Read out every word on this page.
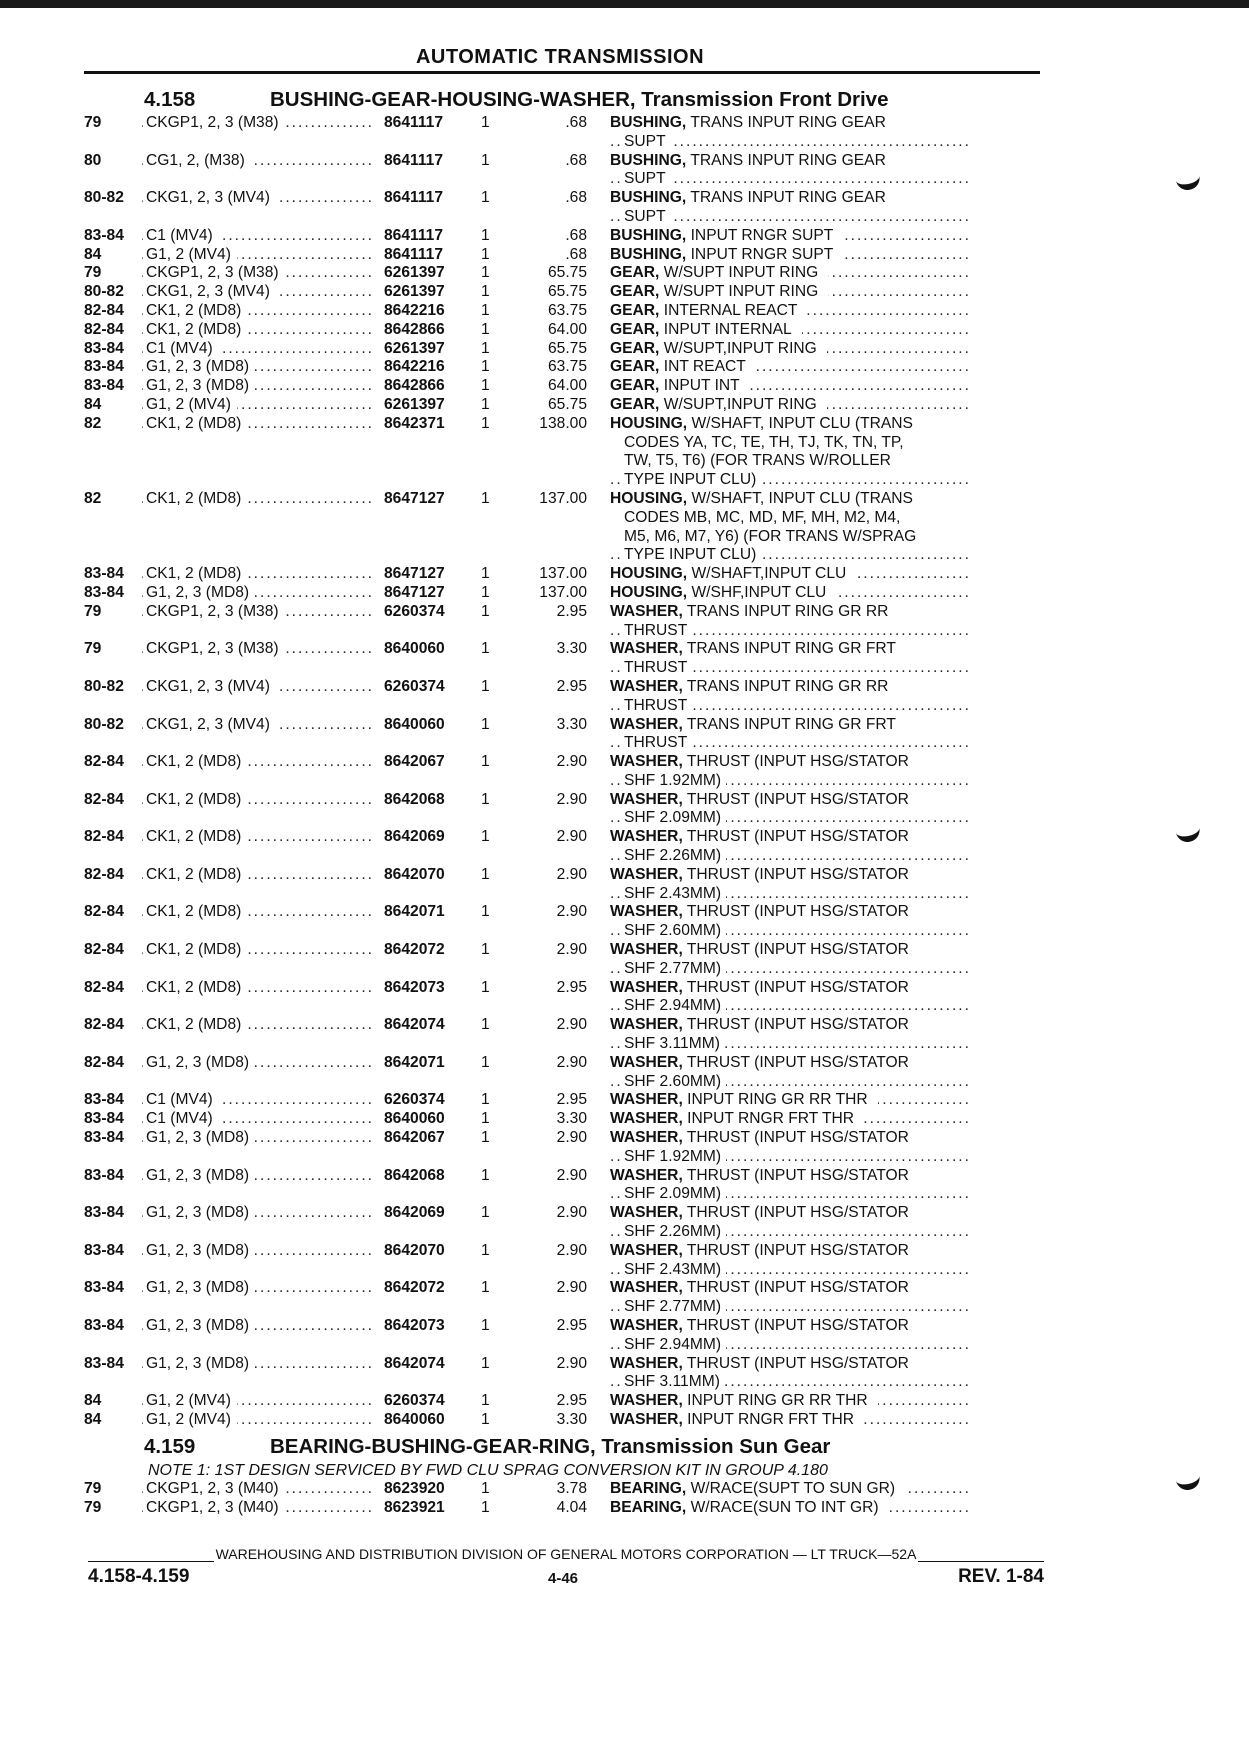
AUTOMATIC TRANSMISSION
4.158	BUSHING-GEAR-HOUSING-WASHER, Transmission Front Drive
79	CKGP1, 2, 3 (M38) .....	8641117	1	.68 BUSHING, TRANS INPUT RING GEAR
SUPT .....
80	CG1, 2, (M38) .....	8641117	1	.68 BUSHING, TRANS INPUT RING GEAR
SUPT .....
80-82	CKG1, 2, 3 (MV4) .....	8641117	1	.68 BUSHING, TRANS INPUT RING GEAR
SUPT .....
83-84	C1 (MV4) .....	8641117	1	.68 BUSHING, INPUT RNGR SUPT .....
84	G1, 2 (MV4) .....	8641117	1	.68 BUSHING, INPUT RNGR SUPT .....
79	CKGP1, 2, 3 (M38) .....	6261397	1	65.75 GEAR, W/SUPT INPUT RING .....
80-82	CKG1, 2, 3 (MV4) .....	6261397	1	65.75 GEAR, W/SUPT INPUT RING .....
82-84	CK1, 2 (MD8) .....	8642216	1	63.75 GEAR, INTERNAL REACT .....
82-84	CK1, 2 (MD8) .....	8642866	1	64.00 GEAR, INPUT INTERNAL .....
83-84	C1 (MV4) .....	6261397	1	65.75 GEAR, W/SUPT,INPUT RING .....
83-84	G1, 2, 3 (MD8) .....	8642216	1	63.75 GEAR, INT REACT .....
83-84	G1, 2, 3 (MD8) .....	8642866	1	64.00 GEAR, INPUT INT .....
84	G1, 2 (MV4) .....	6261397	1	65.75 GEAR, W/SUPT,INPUT RING .....
82	CK1, 2 (MD8) .....	8642371	1	138.00 HOUSING, W/SHAFT, INPUT CLU (TRANS
CODES YA, TC, TE, TH, TJ, TK, TN, TP,
TW, T5, T6) (FOR TRANS W/ROLLER
TYPE INPUT CLU) .....
82	CK1, 2 (MD8) .....	8647127	1	137.00 HOUSING, W/SHAFT, INPUT CLU (TRANS
CODES MB, MC, MD, MF, MH, M2, M4,
M5, M6, M7, Y6) (FOR TRANS W/SPRAG
TYPE INPUT CLU) .....
83-84	CK1, 2 (MD8) .....	8647127	1	137.00 HOUSING, W/SHAFT,INPUT CLU .....
83-84	G1, 2, 3 (MD8) .....	8647127	1	137.00 HOUSING, W/SHF,INPUT CLU .....
79	CKGP1, 2, 3 (M38) .....	6260374	1	2.95 WASHER, TRANS INPUT RING GR RR
THRUST .....
79	CKGP1, 2, 3 (M38) .....	8640060	1	3.30 WASHER, TRANS INPUT RING GR FRT
THRUST .....
80-82	CKG1, 2, 3 (MV4) .....	6260374	1	2.95 WASHER, TRANS INPUT RING GR RR
THRUST .....
80-82	CKG1, 2, 3 (MV4) .....	8640060	1	3.30 WASHER, TRANS INPUT RING GR FRT
THRUST .....
82-84	CK1, 2 (MD8) .....	8642067	1	2.90 WASHER, THRUST (INPUT HSG/STATOR
SHF 1.92MM) .....
82-84	CK1, 2 (MD8) .....	8642068	1	2.90 WASHER, THRUST (INPUT HSG/STATOR
SHF 2.09MM) .....
82-84	CK1, 2 (MD8) .....	8642069	1	2.90 WASHER, THRUST (INPUT HSG/STATOR
SHF 2.26MM) .....
82-84	CK1, 2 (MD8) .....	8642070	1	2.90 WASHER, THRUST (INPUT HSG/STATOR
SHF 2.43MM) .....
82-84	CK1, 2 (MD8) .....	8642071	1	2.90 WASHER, THRUST (INPUT HSG/STATOR
SHF 2.60MM) .....
82-84	CK1, 2 (MD8) .....	8642072	1	2.90 WASHER, THRUST (INPUT HSG/STATOR
SHF 2.77MM) .....
82-84	CK1, 2 (MD8) .....	8642073	1	2.95 WASHER, THRUST (INPUT HSG/STATOR
SHF 2.94MM) .....
82-84	CK1, 2 (MD8) .....	8642074	1	2.90 WASHER, THRUST (INPUT HSG/STATOR
SHF 3.11MM) .....
82-84	G1, 2, 3 (MD8) .....	8642071	1	2.90 WASHER, THRUST (INPUT HSG/STATOR
SHF 2.60MM) .....
83-84	C1 (MV4) .....	6260374	1	2.95 WASHER, INPUT RING GR RR THR .....
83-84	C1 (MV4) .....	8640060	1	3.30 WASHER, INPUT RNGR FRT THR .....
83-84	G1, 2, 3 (MD8) .....	8642067	1	2.90 WASHER, THRUST (INPUT HSG/STATOR
SHF 1.92MM) .....
83-84	G1, 2, 3 (MD8) .....	8642068	1	2.90 WASHER, THRUST (INPUT HSG/STATOR
SHF 2.09MM) .....
83-84	G1, 2, 3 (MD8) .....	8642069	1	2.90 WASHER, THRUST (INPUT HSG/STATOR
SHF 2.26MM) .....
83-84	G1, 2, 3 (MD8) .....	8642070	1	2.90 WASHER, THRUST (INPUT HSG/STATOR
SHF 2.43MM) .....
83-84	G1, 2, 3 (MD8) .....	8642072	1	2.90 WASHER, THRUST (INPUT HSG/STATOR
SHF 2.77MM) .....
83-84	G1, 2, 3 (MD8) .....	8642073	1	2.95 WASHER, THRUST (INPUT HSG/STATOR
SHF 2.94MM) .....
83-84	G1, 2, 3 (MD8) .....	8642074	1	2.90 WASHER, THRUST (INPUT HSG/STATOR
SHF 3.11MM) .....
84	G1, 2 (MV4) .....	6260374	1	2.95 WASHER, INPUT RING GR RR THR .....
84	G1, 2 (MV4) .....	8640060	1	3.30 WASHER, INPUT RNGR FRT THR .....
4.159	BEARING-BUSHING-GEAR-RING, Transmission Sun Gear
NOTE 1: 1ST DESIGN SERVICED BY FWD CLU SPRAG CONVERSION KIT IN GROUP 4.180
79	CKGP1, 2, 3 (M40) .....	8623920	1	3.78 BEARING, W/RACE(SUPT TO SUN GR) .....
79	CKGP1, 2, 3 (M40) .....	8623921	1	4.04 BEARING, W/RACE(SUN TO INT GR) .....
WAREHOUSING AND DISTRIBUTION DIVISION OF GENERAL MOTORS CORPORATION — LT TRUCK—52A
4.158-4.159	4-46	REV. 1-84
